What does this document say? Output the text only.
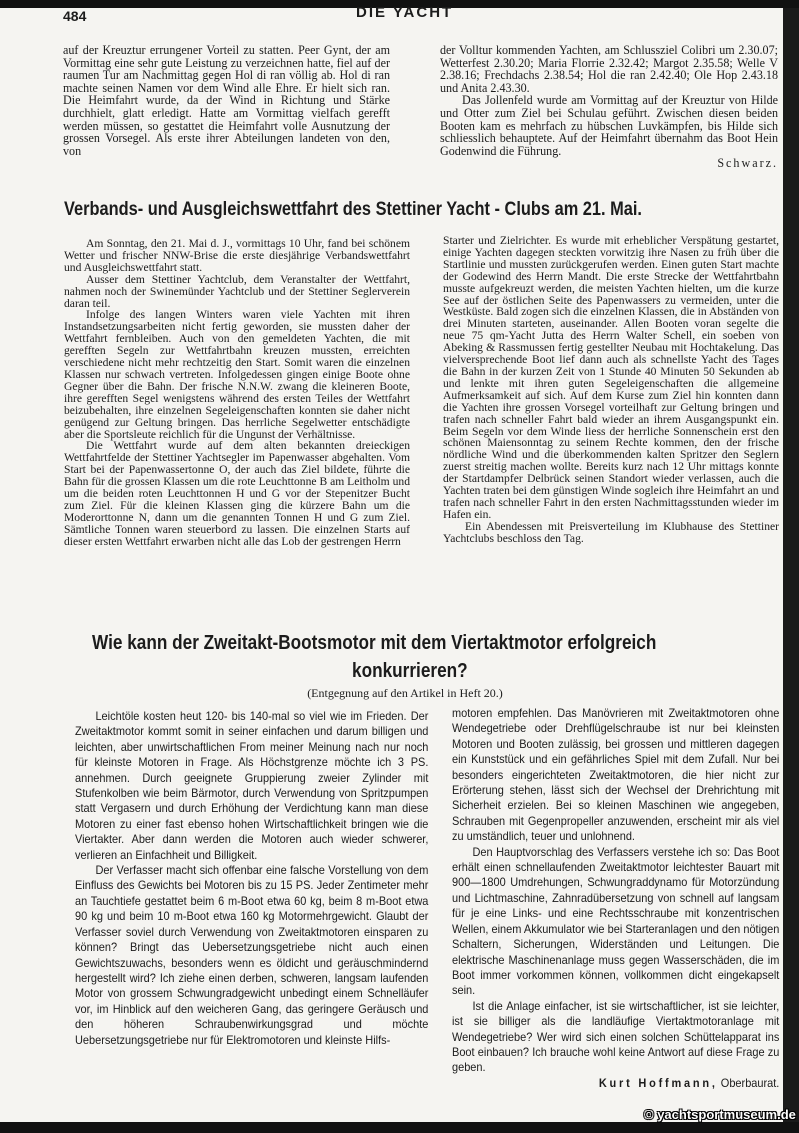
484	DIE YACHT

auf der Kreuztur errungener Vorteil zu statten. Peer Gynt, der am Vormittag eine sehr gute Leistung zu verzeichnen hatte, fiel auf der raumen Tur am Nachmittag gegen Hol di ran völlig ab. Hol di ran machte seinen Namen vor dem Wind alle Ehre. Er hielt sich ran. Die Heimfahrt wurde, da der Wind in Richtung und Stärke durchhielt, glatt erledigt. Hatte am Vormittag vielfach gerefft werden müssen, so gestattet die Heimfahrt volle Ausnutzung der grossen Vorsegel. Als erste ihrer Abteilungen landeten von den, von

der Volltur kommenden Yachten, am Schlussziel Colibri um 2.30.07; Wetterfest 2.30.20; Maria Florrie 2.32.42; Margot 2.35.58; Welle V 2.38.16; Frechdachs 2.38.54; Hol die ran 2.42.40; Ole Hop 2.43.18 und Anita 2.43.30.

Das Jollenfeld wurde am Vormittag auf der Kreuztur von Hilde und Otter zum Ziel bei Schulau geführt. Zwischen diesen beiden Booten kam es mehrfach zu hübschen Luvkämpfen, bis Hilde sich schliesslich behauptete. Auf der Heimfahrt übernahm das Boot Hein Godenwind die Führung.

Schwarz.

Verbands- und Ausgleichswettfahrt des Stettiner Yacht - Clubs am 21. Mai.

Am Sonntag, den 21. Mai d. J., vormittags 10 Uhr, fand bei schönem Wetter und frischer NNW-Brise die erste diesjährige Verbandswettfahrt und Ausgleichswettfahrt statt.

Ausser dem Stettiner Yachtclub, dem Veranstalter der Wettfahrt, nahmen noch der Swinemünder Yachtclub und der Stettiner Seglerverein daran teil.

Infolge des langen Winters waren viele Yachten mit ihren Instandsetzungsarbeiten nicht fertig geworden, sie mussten daher der Wettfahrt fernbleiben. Auch von den gemeldeten Yachten, die mit gerefften Segeln zur Wettfahrtbahn kreuzen mussten, erreichten verschiedene nicht mehr rechtzeitig den Start. Somit waren die einzelnen Klassen nur schwach vertreten. Infolgedessen gingen einige Boote ohne Gegner über die Bahn. Der frische N.N.W. zwang die kleineren Boote, ihre gerefften Segel wenigstens während des ersten Teiles der Wettfahrt beizubehalten, ihre einzelnen Segeleigenschaften konnten sie daher nicht genügend zur Geltung bringen. Das herrliche Segelwetter entschädigte aber die Sportsleute reichlich für die Ungunst der Verhältnisse.

Die Wettfahrt wurde auf dem alten bekannten dreieckigen Wettfahrtfelde der Stettiner Yachtsegler im Papenwasser abgehalten. Vom Start bei der Papenwassertonne O, der auch das Ziel bildete, führte die Bahn für die grossen Klassen um die rote Leuchttonne B am Leitholm und um die beiden roten Leuchttonnen H und G vor der Stepenitzer Bucht zum Ziel. Für die kleinen Klassen ging die kürzere Bahn um die Moderorttonne N, dann um die genannten Tonnen H und G zum Ziel. Sämtliche Tonnen waren steuerbord zu lassen. Die einzelnen Starts auf dieser ersten Wettfahrt erwarben nicht alle das Lob der gestrengen Herrn

Starter und Zielrichter. Es wurde mit erheblicher Verspätung gestartet, einige Yachten dagegen steckten vorwitzig ihre Nasen zu früh über die Startlinie und mussten zurückgerufen werden. Einen guten Start machte der Godewind des Herrn Mandt. Die erste Strecke der Wettfahrtbahn musste aufgekreuzt werden, die meisten Yachten hielten, um die kurze See auf der östlichen Seite des Papenwassers zu vermeiden, unter die Westküste. Bald zogen sich die einzelnen Klassen, die in Abständen von drei Minuten starteten, auseinander. Allen Booten voran segelte die neue 75 qm-Yacht Jutta des Herrn Walter Schell, ein soeben von Abeking & Rassmussen fertig gestellter Neubau mit Hochtakelung. Das vielversprechende Boot lief dann auch als schnellste Yacht des Tages die Bahn in der kurzen Zeit von 1 Stunde 40 Minuten 50 Sekunden ab und lenkte mit ihren guten Segeleigenschaften die allgemeine Aufmerksamkeit auf sich. Auf dem Kurse zum Ziel hin konnten dann die Yachten ihre grossen Vorsegel vorteilhaft zur Geltung bringen und trafen nach schneller Fahrt bald wieder an ihrem Ausgangspunkt ein. Beim Segeln vor dem Winde liess der herrliche Sonnenschein erst den schönen Maiensonntag zu seinem Rechte kommen, den der frische nördliche Wind und die überkommenden kalten Spritzer den Seglern zuerst streitig machen wollte. Bereits kurz nach 12 Uhr mittags konnte der Startdampfer Delbrück seinen Standort wieder verlassen, auch die Yachten traten bei dem günstigen Winde sogleich ihre Heimfahrt an und trafen nach schneller Fahrt in den ersten Nachmittagsstunden wieder im Hafen ein.

Ein Abendessen mit Preisverteilung im Klubhause des Stettiner Yachtclubs beschloss den Tag.

Wie kann der Zweitakt-Bootsmotor mit dem Viertaktmotor erfolgreich
konkurrieren?
(Entgegnung auf den Artikel in Heft 20.)

Leichtöle kosten heut 120- bis 140-mal so viel wie im Frieden. Der Zweitaktmotor kommt somit in seiner einfachen und darum billigen und leichten, aber unwirtschaftlichen From meiner Meinung nach nur noch für kleinste Motoren in Frage. Als Höchstgrenze möchte ich 3 PS. annehmen. Durch geeignete Gruppierung zweier Zylinder mit Stufenkolben wie beim Bärmotor, durch Verwendung von Spritzpumpen statt Vergasern und durch Erhöhung der Verdichtung kann man diese Motoren zu einer fast ebenso hohen Wirtschaftlichkeit bringen wie die Viertakter. Aber dann werden die Motoren auch wieder schwerer, verlieren an Einfachheit und Billigkeit.

Der Verfasser macht sich offenbar eine falsche Vorstellung von dem Einfluss des Gewichts bei Motoren bis zu 15 PS. Jeder Zentimeter mehr an Tauchtiefe gestattet beim 6 m-Boot etwa 60 kg, beim 8 m-Boot etwa 90 kg und beim 10 m-Boot etwa 160 kg Motormehrgewicht. Glaubt der Verfasser soviel durch Verwendung von Zweitaktmotoren einsparen zu können? Bringt das Uebersetzungsgetriebe nicht auch einen Gewichtszuwachs, besonders wenn es öldicht und geräuschmindernd hergestellt wird? Ich ziehe einen derben, schweren, langsam laufenden Motor von grossem Schwungradgewicht unbedingt einem Schnelläufer vor, im Hinblick auf den weicheren Gang, das geringere Geräusch und den höheren Schraubenwirkungsgrad und möchte Uebersetzungsgetriebe nur für Elektromotoren und kleinste Hilfs-

motoren empfehlen. Das Manövrieren mit Zweitaktmotoren ohne Wendegetriebe oder Drehflügelschraube ist nur bei kleinsten Motoren und Booten zulässig, bei grossen und mittleren dagegen ein Kunststück und ein gefährliches Spiel mit dem Zufall. Nur bei besonders eingerichteten Zweitaktmotoren, die hier nicht zur Erörterung stehen, lässt sich der Wechsel der Drehrichtung mit Sicherheit erzielen. Bei so kleinen Maschinen wie angegeben, Schrauben mit Gegenpropeller anzuwenden, erscheint mir als viel zu umständlich, teuer und unlohnend.

Den Hauptvorschlag des Verfassers verstehe ich so: Das Boot erhält einen schnellaufenden Zweitaktmotor leichtester Bauart mit 900—1800 Umdrehungen, Schwungraddynamo für Motorzündung und Lichtmaschine, Zahnradübersetzung von schnell auf langsam für je eine Links- und eine Rechtsschraube mit konzentrischen Wellen, einem Akkumulator wie bei Starteranlagen und den nötigen Schaltern, Sicherungen, Widerständen und Leitungen. Die elektrische Maschinenanlage muss gegen Wasserschäden, die im Boot immer vorkommen können, vollkommen dicht eingekapselt sein.

Ist die Anlage einfacher, ist sie wirtschaftlicher, ist sie leichter, ist sie billiger als die landläufige Viertaktmotoranlage mit Wendegetriebe? Wer wird sich einen solchen Schüttelapparat ins Boot einbauen? Ich brauche wohl keine Antwort auf diese Frage zu geben.

Kurt Hoffmann, Oberbaurat.

© yachtsportmuseum.de
